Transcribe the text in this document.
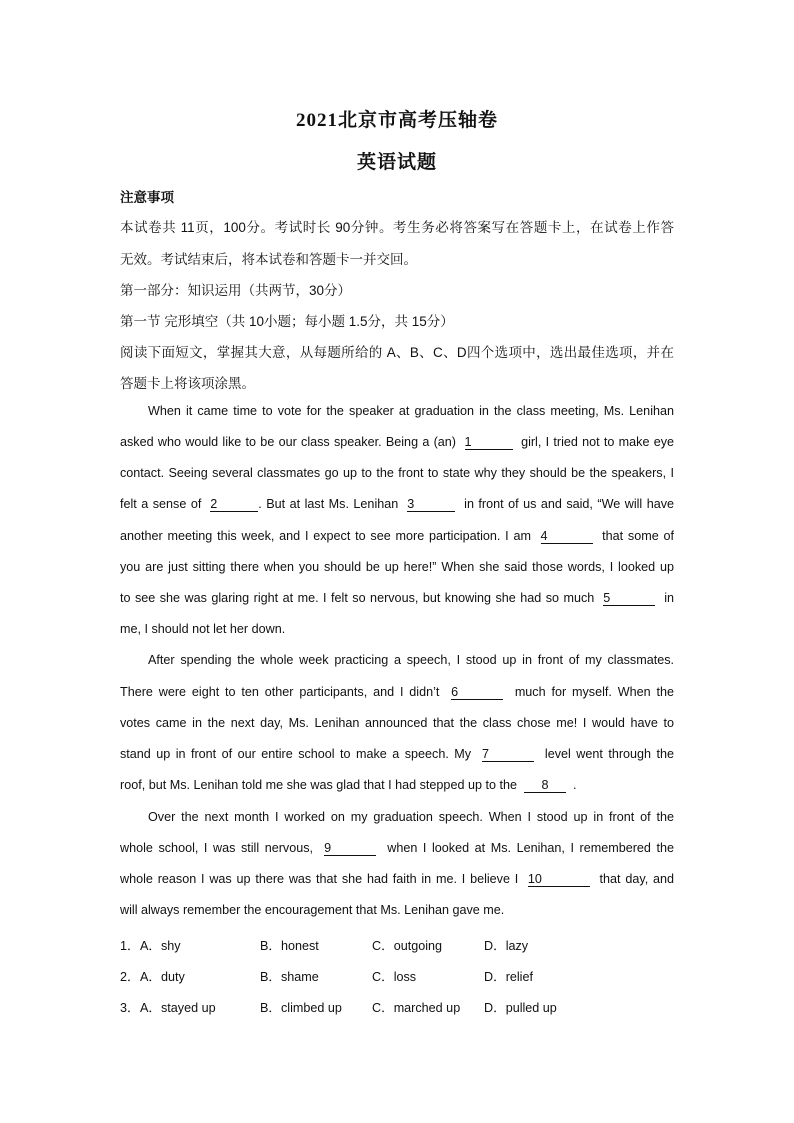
2021北京市高考压轴卷
英语试题
注意事项
本试卷共 11页，100分。考试时长 90分钟。考生务必将答案写在答题卡上，在试卷上作答
无效。考试结束后，将本试卷和答题卡一并交回。
第一部分：知识运用（共两节，30分）
第一节 完形填空（共 10小题；每小题 1.5分，共 15分）
阅读下面短文，掌握其大意，从每题所给的 A、B、C、D四个选项中，选出最佳选项，并在
答题卡上将该项涂黑。
When it came time to vote for the speaker at graduation in the class meeting, Ms. Lenihan
asked who would like to be our class speaker. Being a (an) 1	girl, I tried not to make eye
contact. Seeing several classmates go up to the front to state why they should be the speakers, I
felt a sense of 2	. But at last Ms. Lenihan 3	in front of us and said, “We will have
another meeting this week, and I expect to see more participation. I am 4	that some of
you are just sitting there when you should be up here!” When she said those words, I looked up
to see she was glaring right at me. I felt so nervous, but knowing she had so much 5	in
me, I should not let her down.
After spending the whole week practicing a speech, I stood up in front of my classmates.
There were eight to ten other participants, and I didn’t 6	much for myself. When the
votes came in the next day, Ms. Lenihan announced that the class chose me! I would have to
stand up in front of our entire school to make a speech. My 7	level went through the
roof, but Ms. Lenihan told me she was glad that I had stepped up to the 8 .
Over the next month I worked on my graduation speech. When I stood up in front of the
whole school, I was still nervous, 9	when I looked at Ms. Lenihan, I remembered the
whole reason I was up there was that she had faith in me. I believe I 10	that day, and
will always remember the encouragement that Ms. Lenihan gave me.
1． A．shy	B．honest	C．outgoing	D．lazy
2． A．duty	B．shame	C．loss	D．relief
3． A．stayed up	B．climbed up C．marched up D．pulled up
